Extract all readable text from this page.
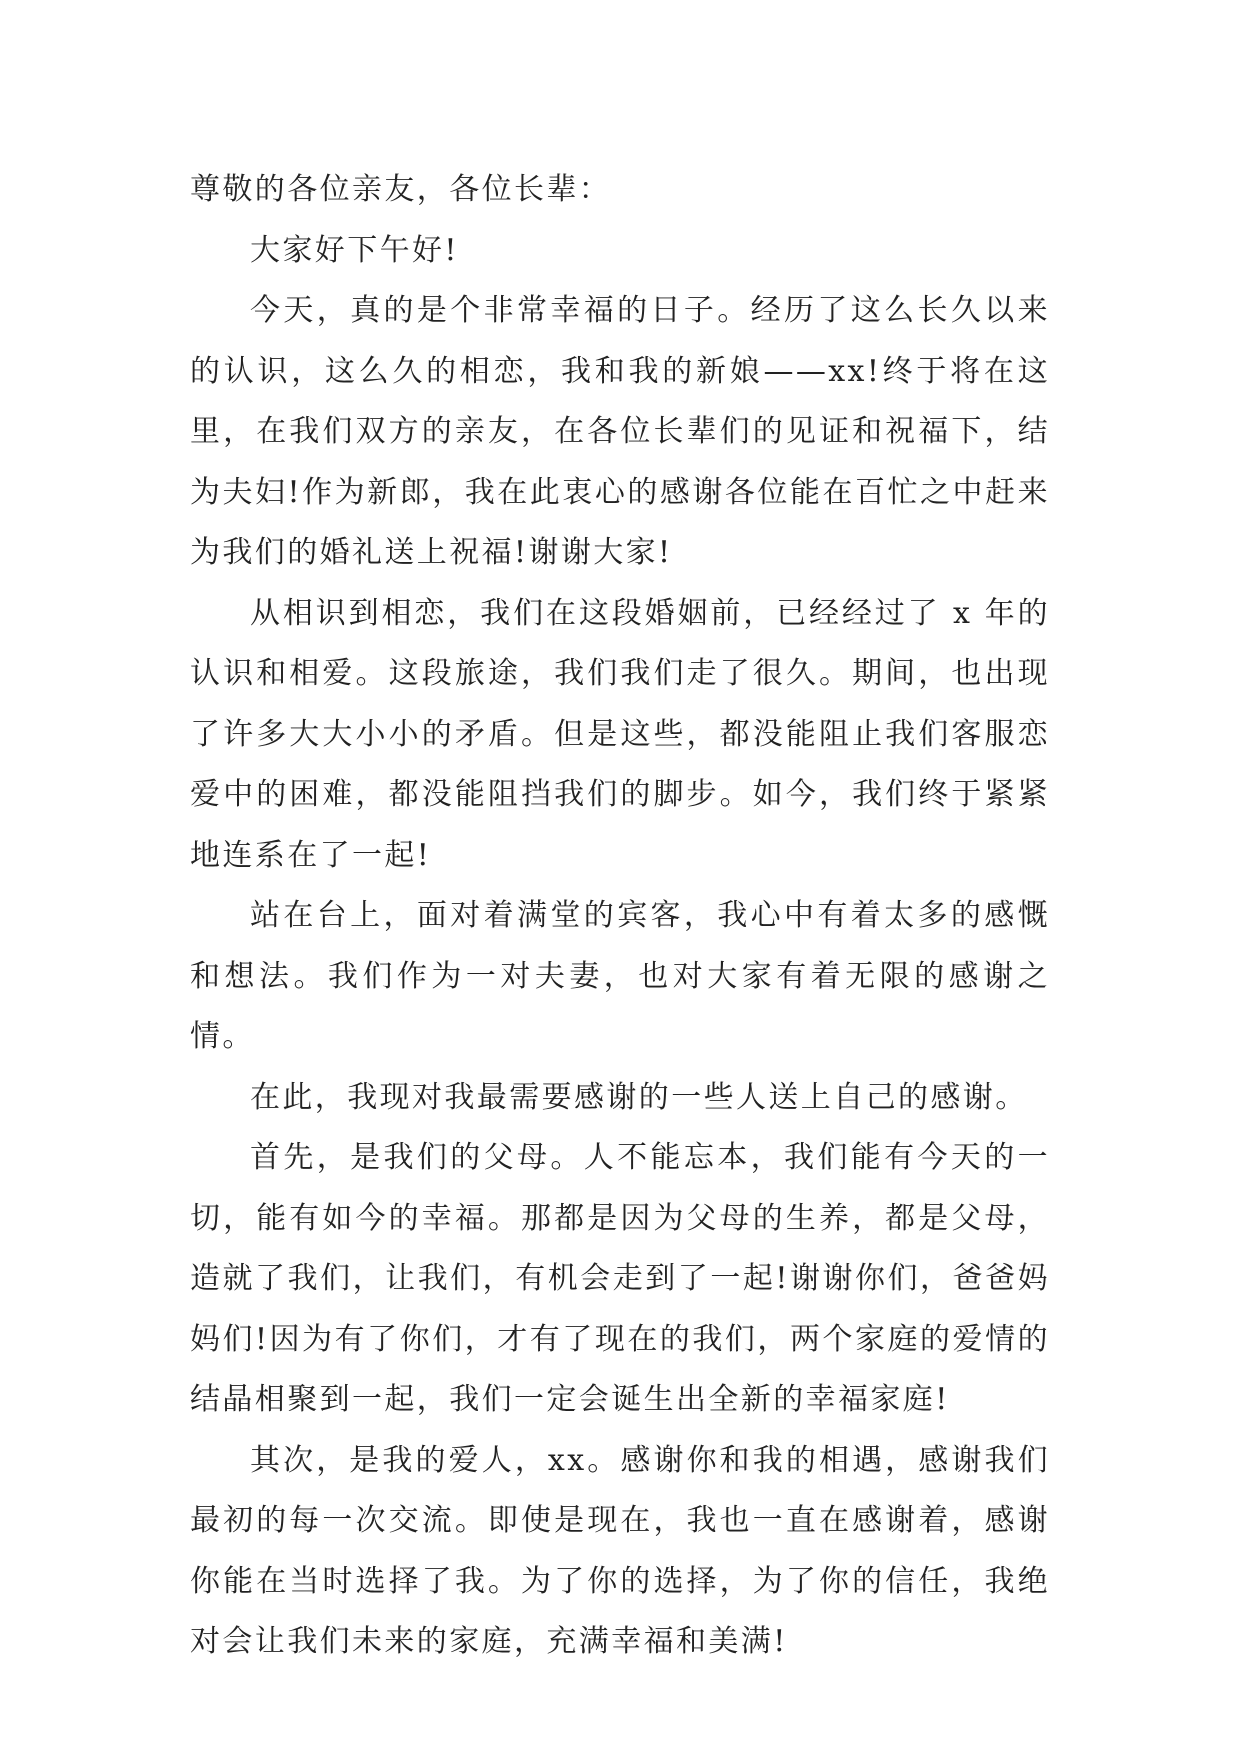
尊敬的各位亲友，各位长辈：

大家好下午好!

今天，真的是个非常幸福的日子。经历了这么长久以来的认识，这么久的相恋，我和我的新娘——xx!终于将在这里，在我们双方的亲友，在各位长辈们的见证和祝福下，结为夫妇!作为新郎，我在此衷心的感谢各位能在百忙之中赶来为我们的婚礼送上祝福!谢谢大家!

从相识到相恋，我们在这段婚姻前，已经经过了 x 年的认识和相爱。这段旅途，我们我们走了很久。期间，也出现了许多大大小小的矛盾。但是这些，都没能阻止我们客服恋爱中的困难，都没能阻挡我们的脚步。如今，我们终于紧紧地连系在了一起!

站在台上，面对着满堂的宾客，我心中有着太多的感慨和想法。我们作为一对夫妻，也对大家有着无限的感谢之情。

在此，我现对我最需要感谢的一些人送上自己的感谢。

首先，是我们的父母。人不能忘本，我们能有今天的一切，能有如今的幸福。那都是因为父母的生养，都是父母，造就了我们，让我们，有机会走到了一起!谢谢你们，爸爸妈妈们!因为有了你们，才有了现在的我们，两个家庭的爱情的结晶相聚到一起，我们一定会诞生出全新的幸福家庭!

其次，是我的爱人，xx。感谢你和我的相遇，感谢我们最初的每一次交流。即使是现在，我也一直在感谢着，感谢你能在当时选择了我。为了你的选择，为了你的信任，我绝对会让我们未来的家庭，充满幸福和美满!
